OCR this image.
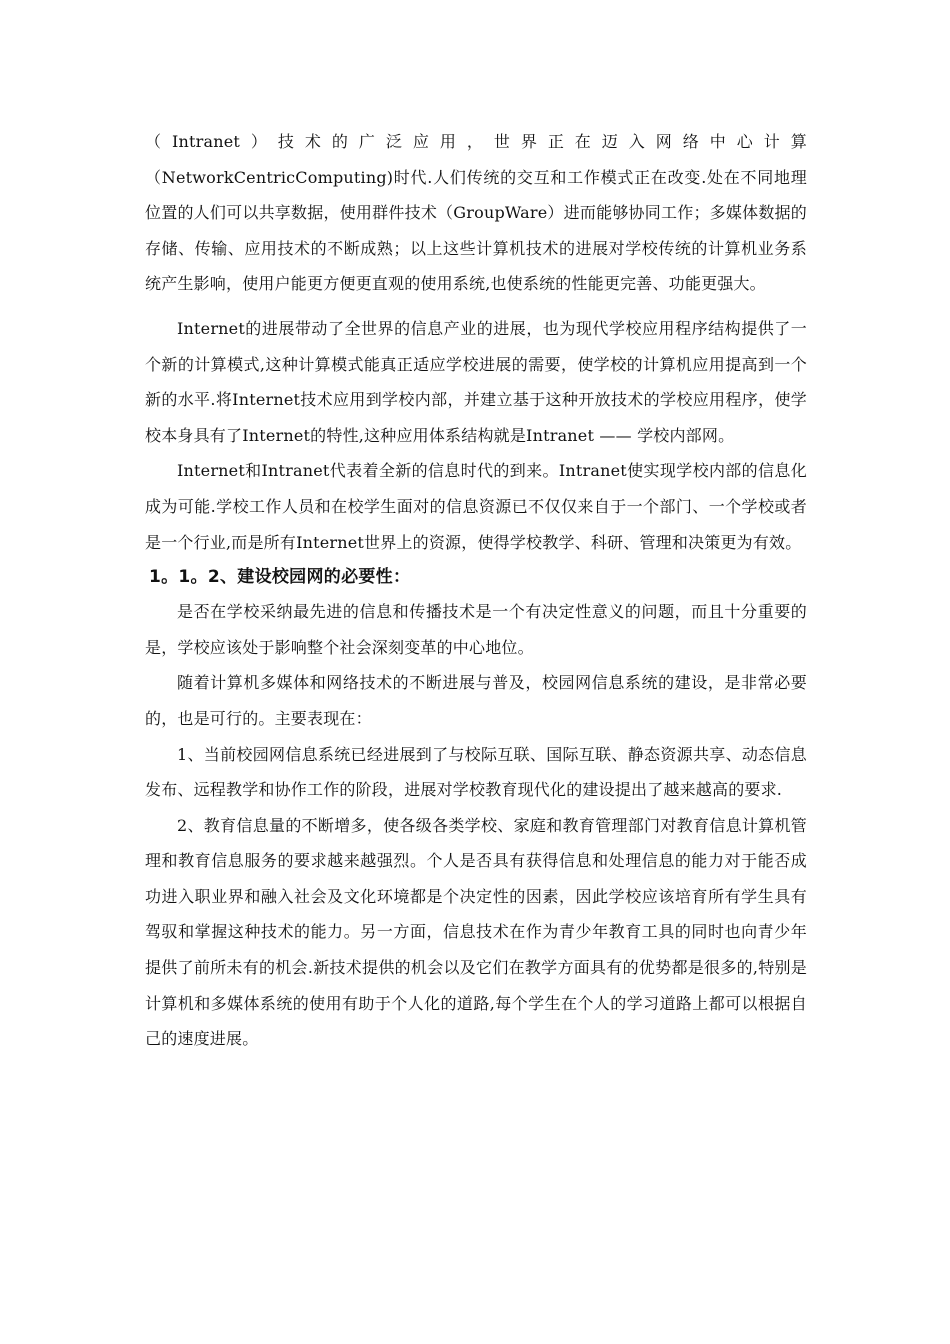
（Intranet）技术的广泛应用，世界正在迈入网络中心计算（NetworkCentricComputing)时代.人们传统的交互和工作模式正在改变.处在不同地理位置的人们可以共享数据，使用群件技术（GroupWare）进而能够协同工作；多媒体数据的存储、传输、应用技术的不断成熟；以上这些计算机技术的进展对学校传统的计算机业务系统产生影响，使用户能更方便更直观的使用系统,也使系统的性能更完善、功能更强大。

Internet的进展带动了全世界的信息产业的进展，也为现代学校应用程序结构提供了一个新的计算模式,这种计算模式能真正适应学校进展的需要，使学校的计算机应用提高到一个新的水平.将Internet技术应用到学校内部，并建立基于这种开放技术的学校应用程序，使学校本身具有了Internet的特性,这种应用体系结构就是Intranet —— 学校内部网。

Internet和Intranet代表着全新的信息时代的到来。Intranet使实现学校内部的信息化成为可能.学校工作人员和在校学生面对的信息资源已不仅仅来自于一个部门、一个学校或者是一个行业,而是所有Internet世界上的资源，使得学校教学、科研、管理和决策更为有效。

1。1。2、建设校园网的必要性：

是否在学校采纳最先进的信息和传播技术是一个有决定性意义的问题，而且十分重要的是，学校应该处于影响整个社会深刻变革的中心地位。

随着计算机多媒体和网络技术的不断进展与普及，校园网信息系统的建设，是非常必要的，也是可行的。主要表现在：

1、当前校园网信息系统已经进展到了与校际互联、国际互联、静态资源共享、动态信息发布、远程教学和协作工作的阶段，进展对学校教育现代化的建设提出了越来越高的要求.

2、教育信息量的不断增多，使各级各类学校、家庭和教育管理部门对教育信息计算机管理和教育信息服务的要求越来越强烈。个人是否具有获得信息和处理信息的能力对于能否成功进入职业界和融入社会及文化环境都是个决定性的因素，因此学校应该培育所有学生具有驾驭和掌握这种技术的能力。另一方面，信息技术在作为青少年教育工具的同时也向青少年提供了前所未有的机会.新技术提供的机会以及它们在教学方面具有的优势都是很多的,特别是计算机和多媒体系统的使用有助于个人化的道路,每个学生在个人的学习道路上都可以根据自己的速度进展。
